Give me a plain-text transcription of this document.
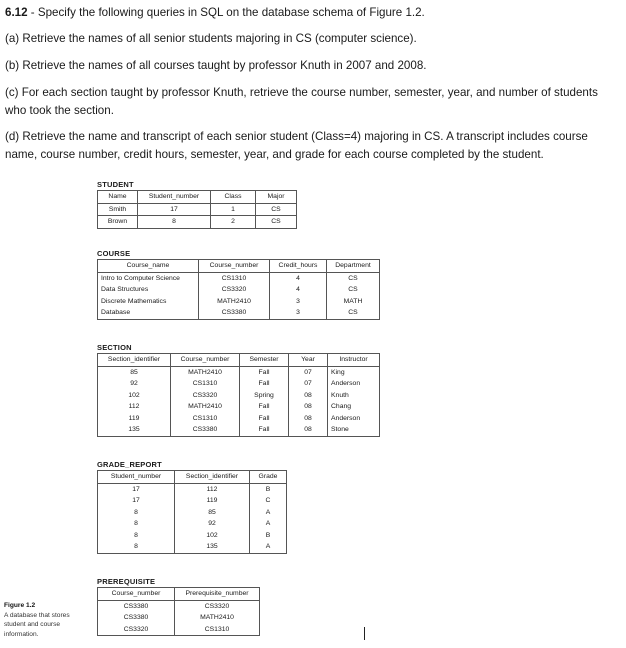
6.12 - Specify the following queries in SQL on the database schema of Figure 1.2.
(a) Retrieve the names of all senior students majoring in CS (computer science).
(b) Retrieve the names of all courses taught by professor Knuth in 2007 and 2008.
(c) For each section taught by professor Knuth, retrieve the course number, semester, year, and number of students who took the section.
(d) Retrieve the name and transcript of each senior student (Class=4) majoring in CS. A transcript includes course name, course number, credit hours, semester, year, and grade for each course completed by the student.
STUDENT
Name	Student_number	Class	Major
Smith	17	1	CS
Brown	8	2	CS
COURSE
Course_name	Course_number	Credit_hours	Department
Intro to Computer Science	CS1310	4	CS
Data Structures	CS3320	4	CS
Discrete Mathematics	MATH2410	3	MATH
Database	CS3380	3	CS
SECTION
Section_identifier	Course_number	Semester	Year	Instructor
85	MATH2410	Fall	07	King
92	CS1310	Fall	07	Anderson
102	CS3320	Spring	08	Knuth
112	MATH2410	Fall	08	Chang
119	CS1310	Fall	08	Anderson
135	CS3380	Fall	08	Stone
GRADE_REPORT
Student_number	Section_identifier	Grade
17	112	B
17	119	C
8	85	A
8	92	A
8	102	B
8	135	A
PREREQUISITE
Course_number	Prerequisite_number
CS3380	CS3320
CS3380	MATH2410
CS3320	CS1310
Figure 1.2
A database that stores student and course information.
